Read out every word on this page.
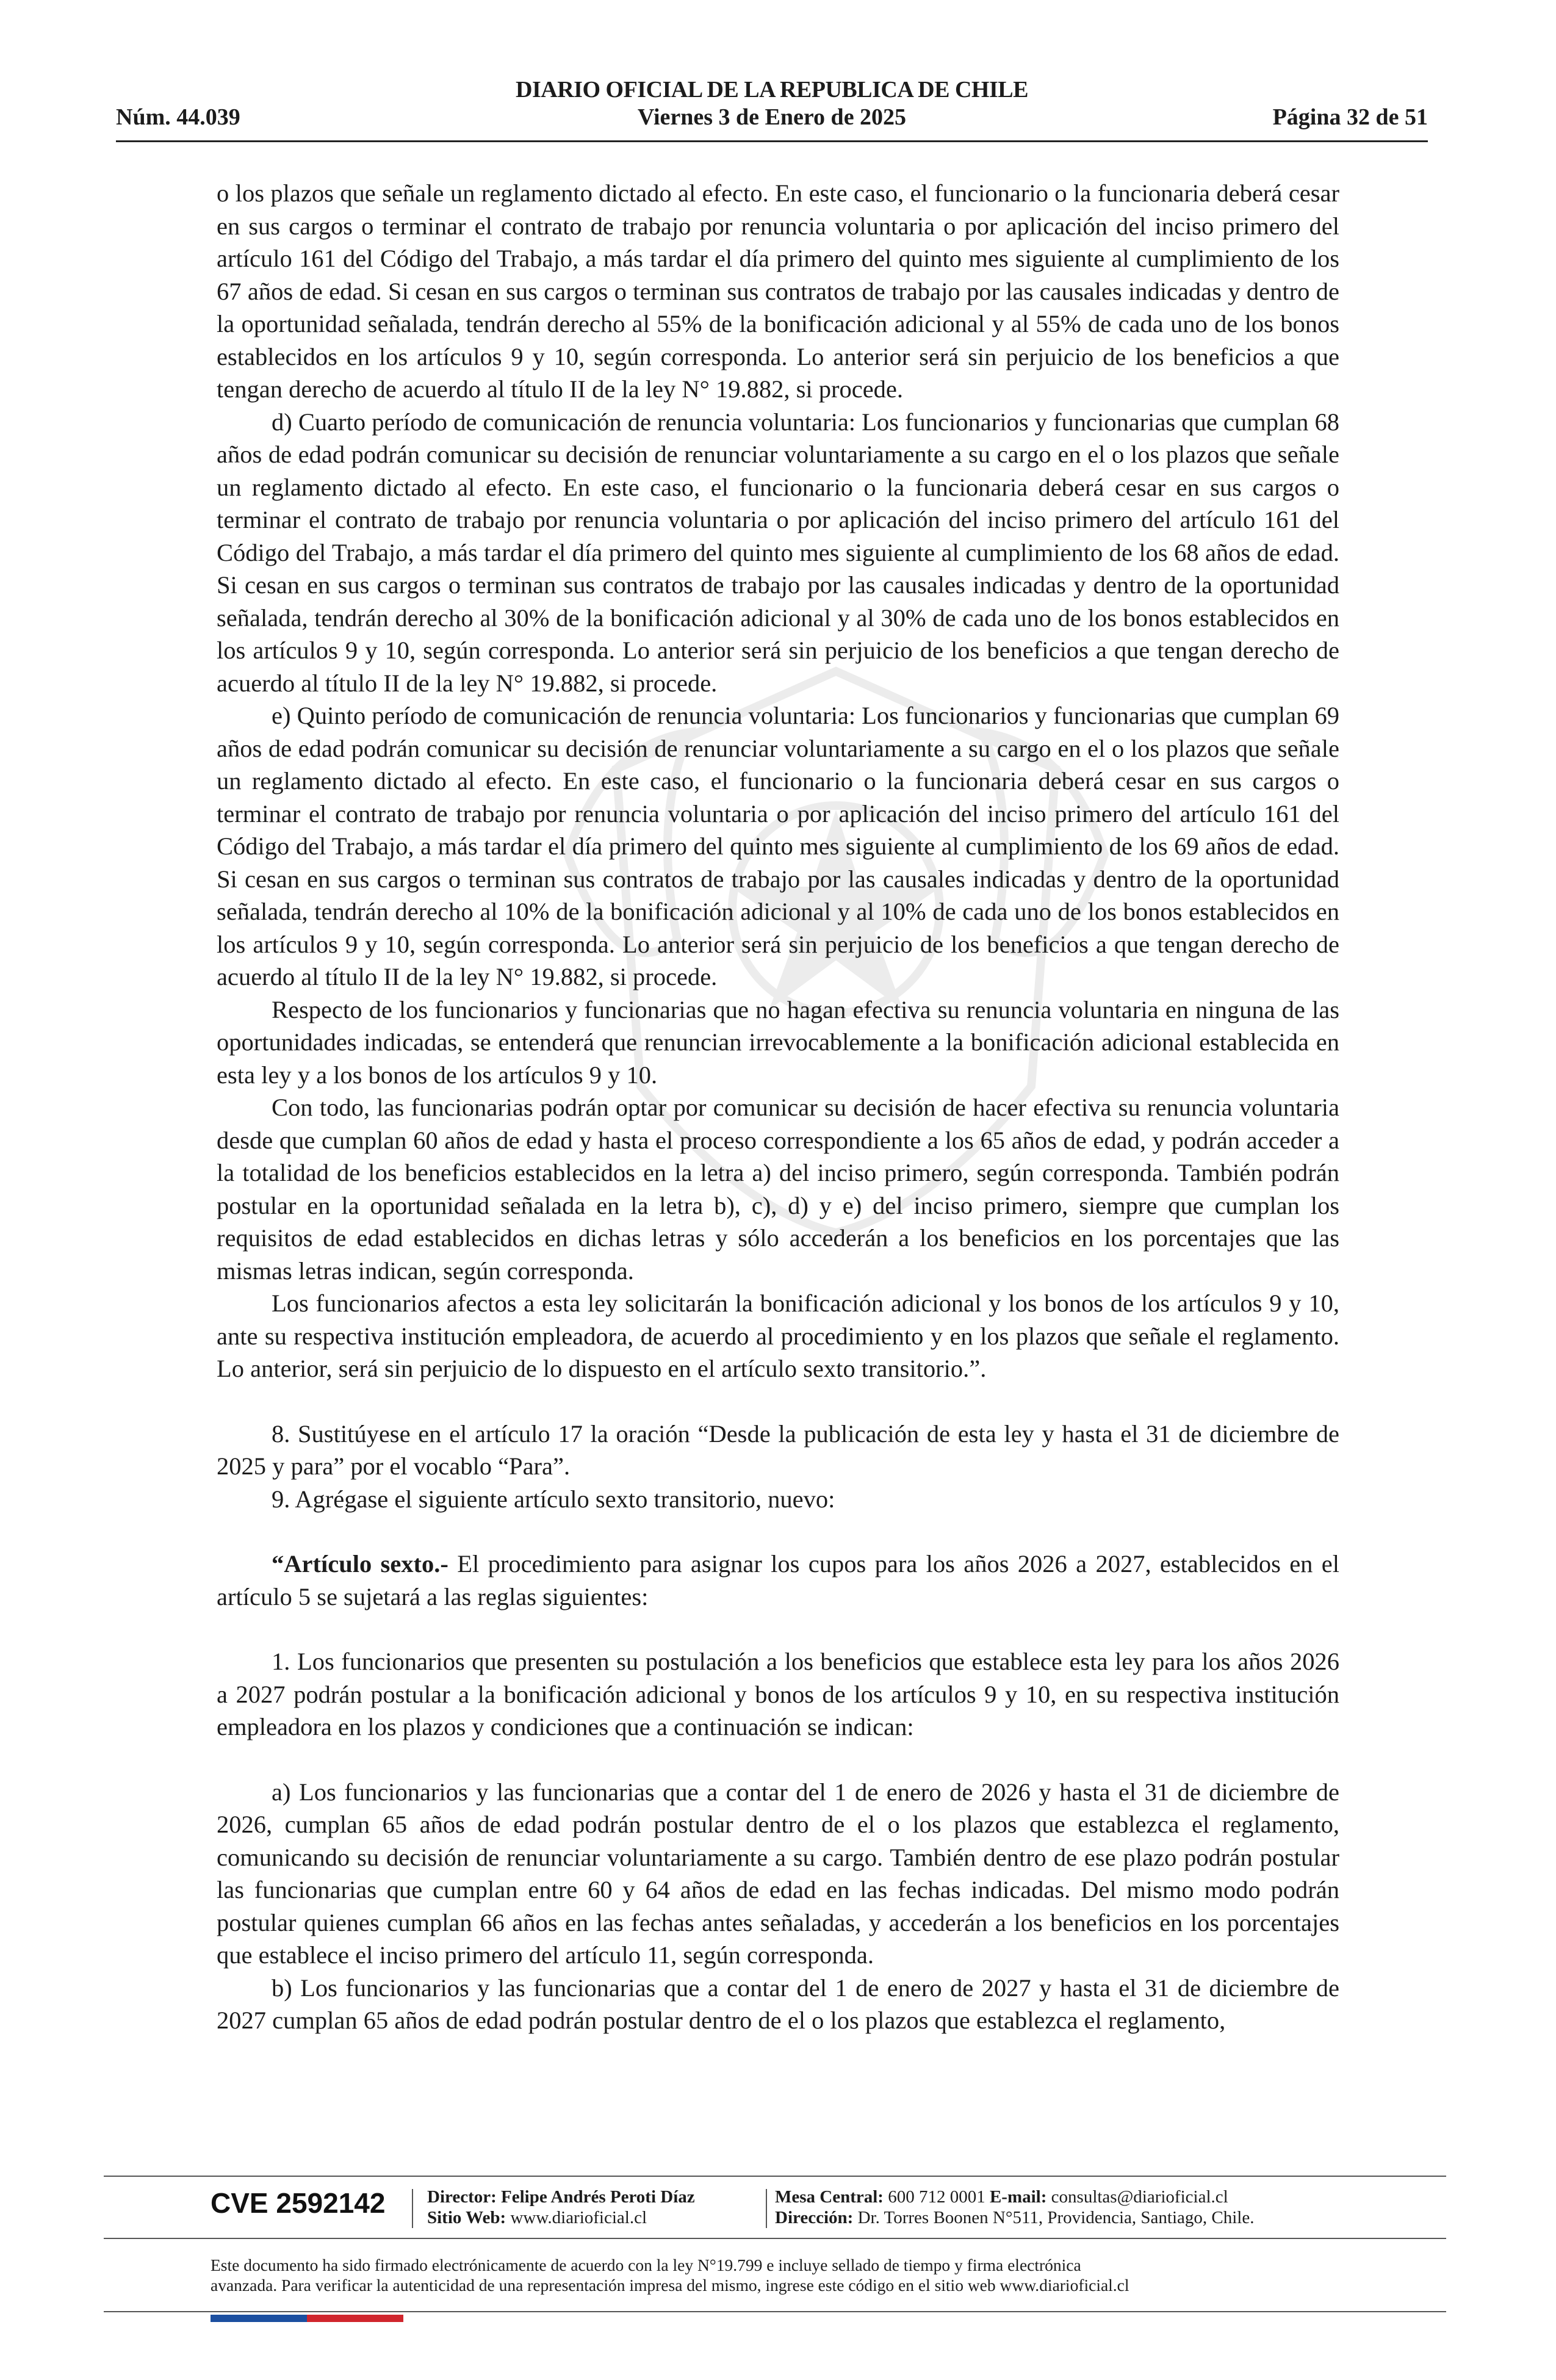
DIARIO OFICIAL DE LA REPUBLICA DE CHILE
Núm. 44.039	Viernes 3 de Enero de 2025	Página 32 de 51

o los plazos que señale un reglamento dictado al efecto. En este caso, el funcionario o la funcionaria deberá cesar en sus cargos o terminar el contrato de trabajo por renuncia voluntaria o por aplicación del inciso primero del artículo 161 del Código del Trabajo, a más tardar el día primero del quinto mes siguiente al cumplimiento de los 67 años de edad. Si cesan en sus cargos o terminan sus contratos de trabajo por las causales indicadas y dentro de la oportunidad señalada, tendrán derecho al 55% de la bonificación adicional y al 55% de cada uno de los bonos establecidos en los artículos 9 y 10, según corresponda. Lo anterior será sin perjuicio de los beneficios a que tengan derecho de acuerdo al título II de la ley N° 19.882, si procede.

d) Cuarto período de comunicación de renuncia voluntaria: Los funcionarios y funcionarias que cumplan 68 años de edad podrán comunicar su decisión de renunciar voluntariamente a su cargo en el o los plazos que señale un reglamento dictado al efecto. En este caso, el funcionario o la funcionaria deberá cesar en sus cargos o terminar el contrato de trabajo por renuncia voluntaria o por aplicación del inciso primero del artículo 161 del Código del Trabajo, a más tardar el día primero del quinto mes siguiente al cumplimiento de los 68 años de edad. Si cesan en sus cargos o terminan sus contratos de trabajo por las causales indicadas y dentro de la oportunidad señalada, tendrán derecho al 30% de la bonificación adicional y al 30% de cada uno de los bonos establecidos en los artículos 9 y 10, según corresponda. Lo anterior será sin perjuicio de los beneficios a que tengan derecho de acuerdo al título II de la ley N° 19.882, si procede.

e) Quinto período de comunicación de renuncia voluntaria: Los funcionarios y funcionarias que cumplan 69 años de edad podrán comunicar su decisión de renunciar voluntariamente a su cargo en el o los plazos que señale un reglamento dictado al efecto. En este caso, el funcionario o la funcionaria deberá cesar en sus cargos o terminar el contrato de trabajo por renuncia voluntaria o por aplicación del inciso primero del artículo 161 del Código del Trabajo, a más tardar el día primero del quinto mes siguiente al cumplimiento de los 69 años de edad. Si cesan en sus cargos o terminan sus contratos de trabajo por las causales indicadas y dentro de la oportunidad señalada, tendrán derecho al 10% de la bonificación adicional y al 10% de cada uno de los bonos establecidos en los artículos 9 y 10, según corresponda. Lo anterior será sin perjuicio de los beneficios a que tengan derecho de acuerdo al título II de la ley N° 19.882, si procede.

Respecto de los funcionarios y funcionarias que no hagan efectiva su renuncia voluntaria en ninguna de las oportunidades indicadas, se entenderá que renuncian irrevocablemente a la bonificación adicional establecida en esta ley y a los bonos de los artículos 9 y 10.

Con todo, las funcionarias podrán optar por comunicar su decisión de hacer efectiva su renuncia voluntaria desde que cumplan 60 años de edad y hasta el proceso correspondiente a los 65 años de edad, y podrán acceder a la totalidad de los beneficios establecidos en la letra a) del inciso primero, según corresponda. También podrán postular en la oportunidad señalada en la letra b), c), d) y e) del inciso primero, siempre que cumplan los requisitos de edad establecidos en dichas letras y sólo accederán a los beneficios en los porcentajes que las mismas letras indican, según corresponda.

Los funcionarios afectos a esta ley solicitarán la bonificación adicional y los bonos de los artículos 9 y 10, ante su respectiva institución empleadora, de acuerdo al procedimiento y en los plazos que señale el reglamento. Lo anterior, será sin perjuicio de lo dispuesto en el artículo sexto transitorio.”.

8. Sustitúyese en el artículo 17 la oración “Desde la publicación de esta ley y hasta el 31 de diciembre de 2025 y para” por el vocablo “Para”.

9. Agrégase el siguiente artículo sexto transitorio, nuevo:

“Artículo sexto.- El procedimiento para asignar los cupos para los años 2026 a 2027, establecidos en el artículo 5 se sujetará a las reglas siguientes:

1. Los funcionarios que presenten su postulación a los beneficios que establece esta ley para los años 2026 a 2027 podrán postular a la bonificación adicional y bonos de los artículos 9 y 10, en su respectiva institución empleadora en los plazos y condiciones que a continuación se indican:

a) Los funcionarios y las funcionarias que a contar del 1 de enero de 2026 y hasta el 31 de diciembre de 2026, cumplan 65 años de edad podrán postular dentro de el o los plazos que establezca el reglamento, comunicando su decisión de renunciar voluntariamente a su cargo. También dentro de ese plazo podrán postular las funcionarias que cumplan entre 60 y 64 años de edad en las fechas indicadas. Del mismo modo podrán postular quienes cumplan 66 años en las fechas antes señaladas, y accederán a los beneficios en los porcentajes que establece el inciso primero del artículo 11, según corresponda.

b) Los funcionarios y las funcionarias que a contar del 1 de enero de 2027 y hasta el 31 de diciembre de 2027 cumplan 65 años de edad podrán postular dentro de el o los plazos que establezca el reglamento,

CVE 2592142 Director: Felipe Andrés Peroti Díaz
Sitio Web: www.diarioficial.cl
Mesa Central: 600 712 0001 E-mail: consultas@diarioficial.cl
Dirección: Dr. Torres Boonen N°511, Providencia, Santiago, Chile.
Este documento ha sido firmado electrónicamente de acuerdo con la ley N°19.799 e incluye sellado de tiempo y firma electrónica
avanzada. Para verificar la autenticidad de una representación impresa del mismo, ingrese este código en el sitio web www.diarioficial.cl
